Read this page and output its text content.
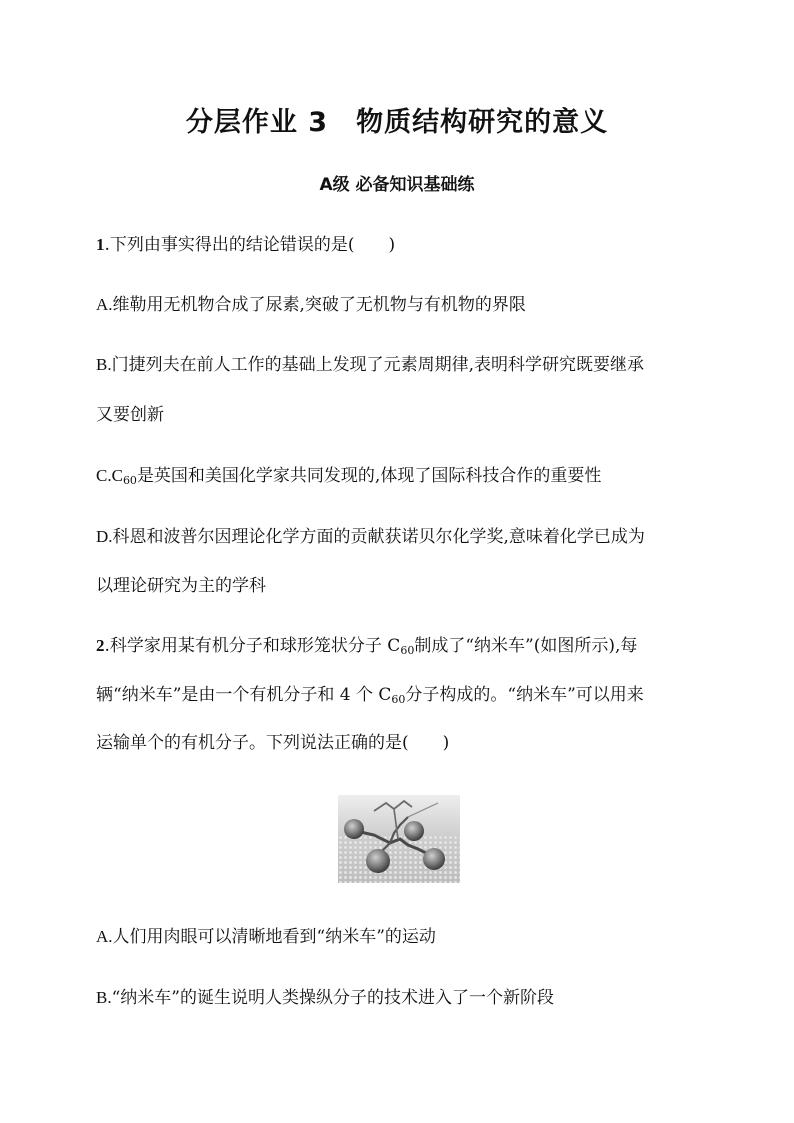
分层作业 3　物质结构研究的意义
A级 必备知识基础练
1.下列由事实得出的结论错误的是(　　)
A.维勒用无机物合成了尿素,突破了无机物与有机物的界限
B.门捷列夫在前人工作的基础上发现了元素周期律,表明科学研究既要继承
又要创新
$C.C_{60}$是英国和美国化学家共同发现的,体现了国际科技合作的重要性
D.科恩和波普尔因理论化学方面的贡献获诺贝尔化学奖,意味着化学已成为
以理论研究为主的学科
2.科学家用某有机分子和球形笼状分子 $C_{60}$制成了“纳米车”(如图所示),每
辆“纳米车”是由一个有机分子和 4 个 $C_{60}$分子构成的。“纳米车”可以用来
运输单个的有机分子。下列说法正确的是(　　)
A.人们用肉眼可以清晰地看到“纳米车”的运动
B.“纳米车”的诞生说明人类操纵分子的技术进入了一个新阶段
